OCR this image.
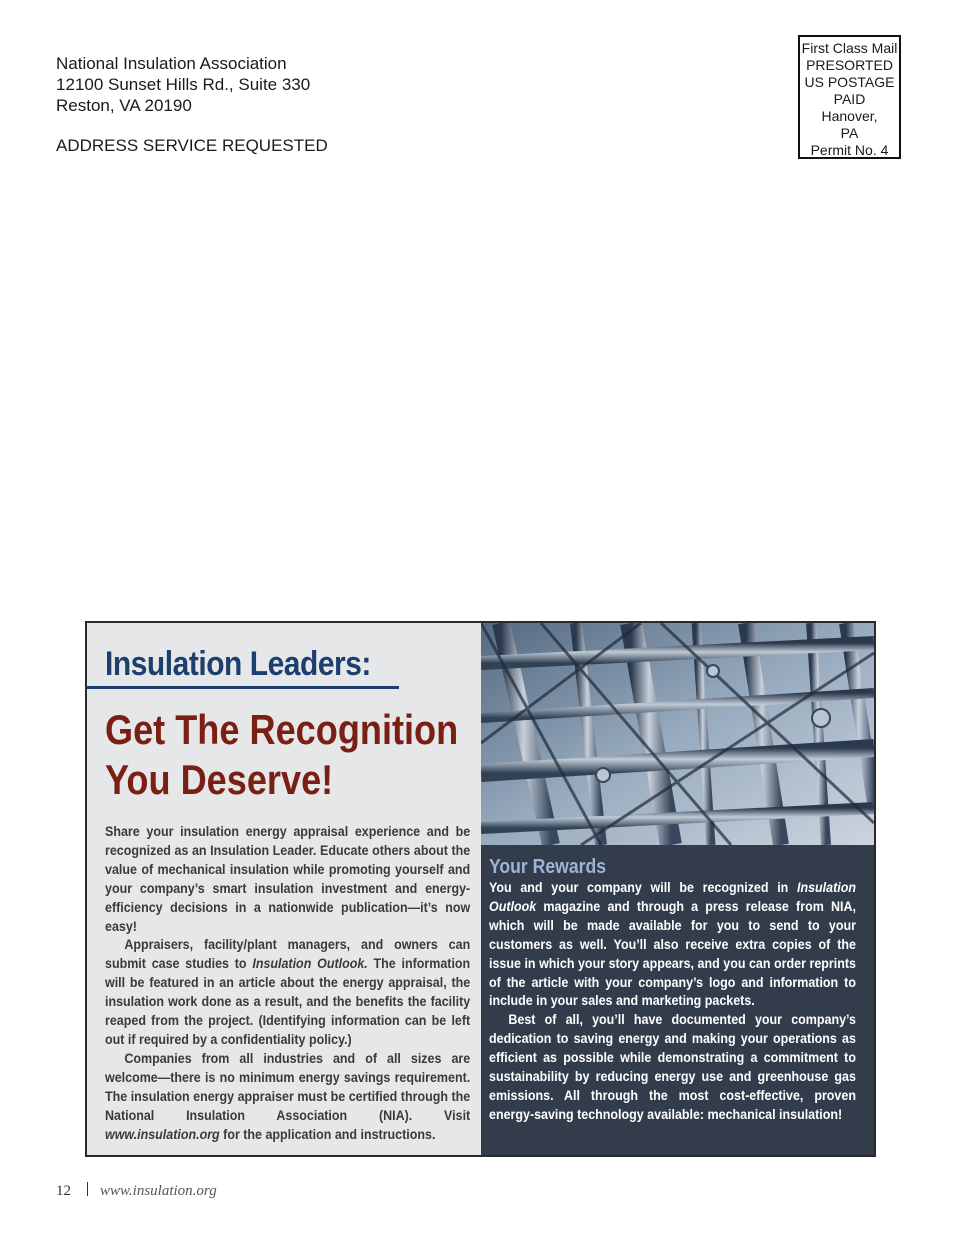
National Insulation Association
12100 Sunset Hills Rd., Suite 330
Reston, VA 20190
ADDRESS SERVICE REQUESTED
First Class Mail
PRESORTED
US POSTAGE
PAID
Hanover,
PA
Permit No. 4
Insulation Leaders:
Get The Recognition You Deserve!

Share your insulation energy appraisal experience and be recognized as an Insulation Leader. Educate others about the value of mechanical insulation while promoting yourself and your company’s smart insulation investment and energy-efficiency decisions in a nationwide publication—it’s now easy!

Appraisers, facility/plant managers, and owners can submit case studies to Insulation Outlook. The information will be featured in an article about the energy appraisal, the insulation work done as a result, and the benefits the facility reaped from the project. (Identifying information can be left out if required by a confidentiality policy.)

Companies from all industries and of all sizes are welcome—there is no minimum energy savings requirement. The insulation energy appraiser must be certified through the National Insulation Association (NIA). Visit www.insulation.org for the application and instructions.

Your Rewards

You and your company will be recognized in Insulation Outlook magazine and through a press release from NIA, which will be made available for you to send to your customers as well. You’ll also receive extra copies of the issue in which your story appears, and you can order reprints of the article with your company’s logo and information to include in your sales and marketing packets.

Best of all, you’ll have documented your company’s dedication to saving energy and making your operations as efficient as possible while demonstrating a commitment to sustainability by reducing energy use and greenhouse gas emissions. All through the most cost-effective, proven energy-saving technology available: mechanical insulation!

12 www.insulation.org
